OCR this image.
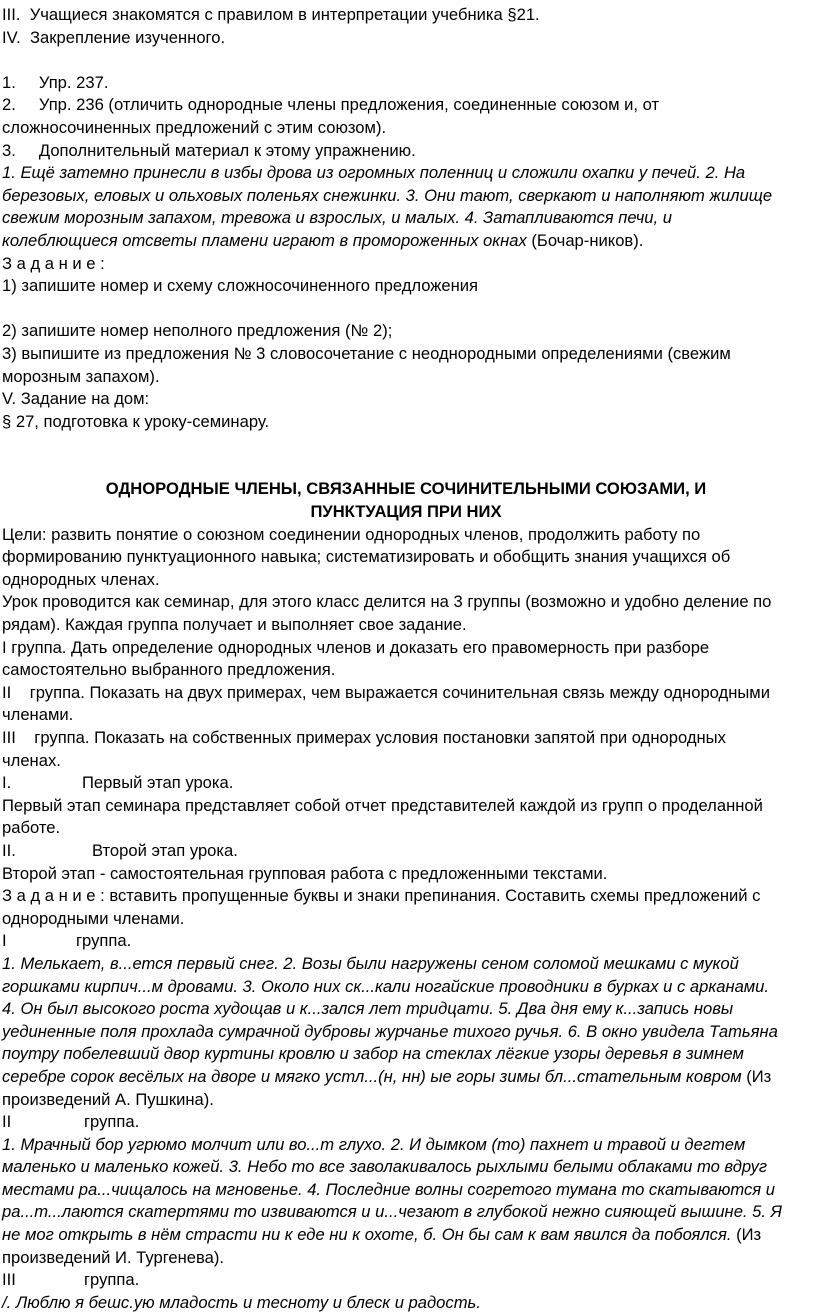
III. Учащиеся знакомятся с правилом в интерпретации учебника §21.
IV. Закрепление изученного.
1. Упр. 237.
2. Упр. 236 (отличить однородные члены предложения, соединенные союзом и, от
сложносочиненных предложений с этим союзом).
3. Дополнительный материал к этому упражнению.
1. Ещё затемно принесли в избы дрова из огромных поленниц и сложили охапки у печей. 2. На
березовых, еловых и ольховых поленьях снежинки. 3. Они тают, сверкают и наполняют жилище
свежим морозным запахом, тревожа и взрослых, и малых. 4. Затапливаются печи, и
колеблющиеся отсветы пламени играют в промороженных окнах (Бочар-ников).
З а д а н и е :
1) запишите номер и схему сложносочиненного предложения
2) запишите номер неполного предложения (№ 2);
3) выпишите из предложения № 3 словосочетание с неоднородными определениями (свежим
морозным запахом).
V. Задание на дом:
§ 27, подготовка к уроку-семинару.
ОДНОРОДНЫЕ ЧЛЕНЫ, СВЯЗАННЫЕ СОЧИНИТЕЛЬНЫМИ СОЮЗАМИ, И
ПУНКТУАЦИЯ ПРИ НИХ
Цели: развить понятие о союзном соединении однородных членов, продолжить работу по
формированию пунктуационного навыка; систематизировать и обобщить знания учащихся об
однородных членах.
Урок проводится как семинар, для этого класс делится на 3 группы (возможно и удобно деление по
рядам). Каждая группа получает и выполняет свое задание.
I группа. Дать определение однородных членов и доказать его правомерность при разборе
самостоятельно выбранного предложения.
II группа. Показать на двух примерах, чем выражается сочинительная связь между однородными
членами.
III группа. Показать на собственных примерах условия постановки запятой при однородных
членах.
I.	Первый этап урока.
Первый этап семинара представляет собой отчет представителей каждой из групп о проделанной
работе.
II.	Второй этап урока.
Второй этап - самостоятельная групповая работа с предложенными текстами.
З а д а н и е : вставить пропущенные буквы и знаки препинания. Составить схемы предложений с
однородными членами.
I	группа.
1. Мелькает, в...ется первый снег. 2. Возы были нагружены сеном соломой мешками с мукой
горшками кирпич...м дровами. 3. Около них ск...кали ногайские проводники в бурках и с арканами.
4. Он был высокого роста худощав и к...зался лет тридцати. 5. Два дня ему к...запись новы
уединенные поля прохлада сумрачной дубровы журчанье тихого ручья. 6. В окно увидела Татьяна
поутру побелевший двор куртины кровлю и забор на стеклах лёгкие узоры деревья в зимнем
серебре сорок весёлых на дворе и мягко устл...(н, нн) ые горы зимы бл...стательным ковром (Из
произведений А. Пушкина).
II	группа.
1. Мрачный бор угрюмо молчит или во...т глухо. 2. И дымком (то) пахнет и травой и дегтем
маленько и маленько кожей. 3. Небо то все заволакивалось рыхлыми белыми облаками то вдруг
местами ра...чищалось на мгновенье. 4. Последние волны согретого тумана то скатываются и
ра...т...лаются скатертями то извиваются и и...чезают в глубокой нежно сияющей вышине. 5. Я
не мог открыть в нём страсти ни к еде ни к охоте, б. Он бы сам к вам явился да побоялся. (Из
произведений И. Тургенева).
III	группа.
/. Люблю я бешс.ую младость и тесноту и блеск и радость.
